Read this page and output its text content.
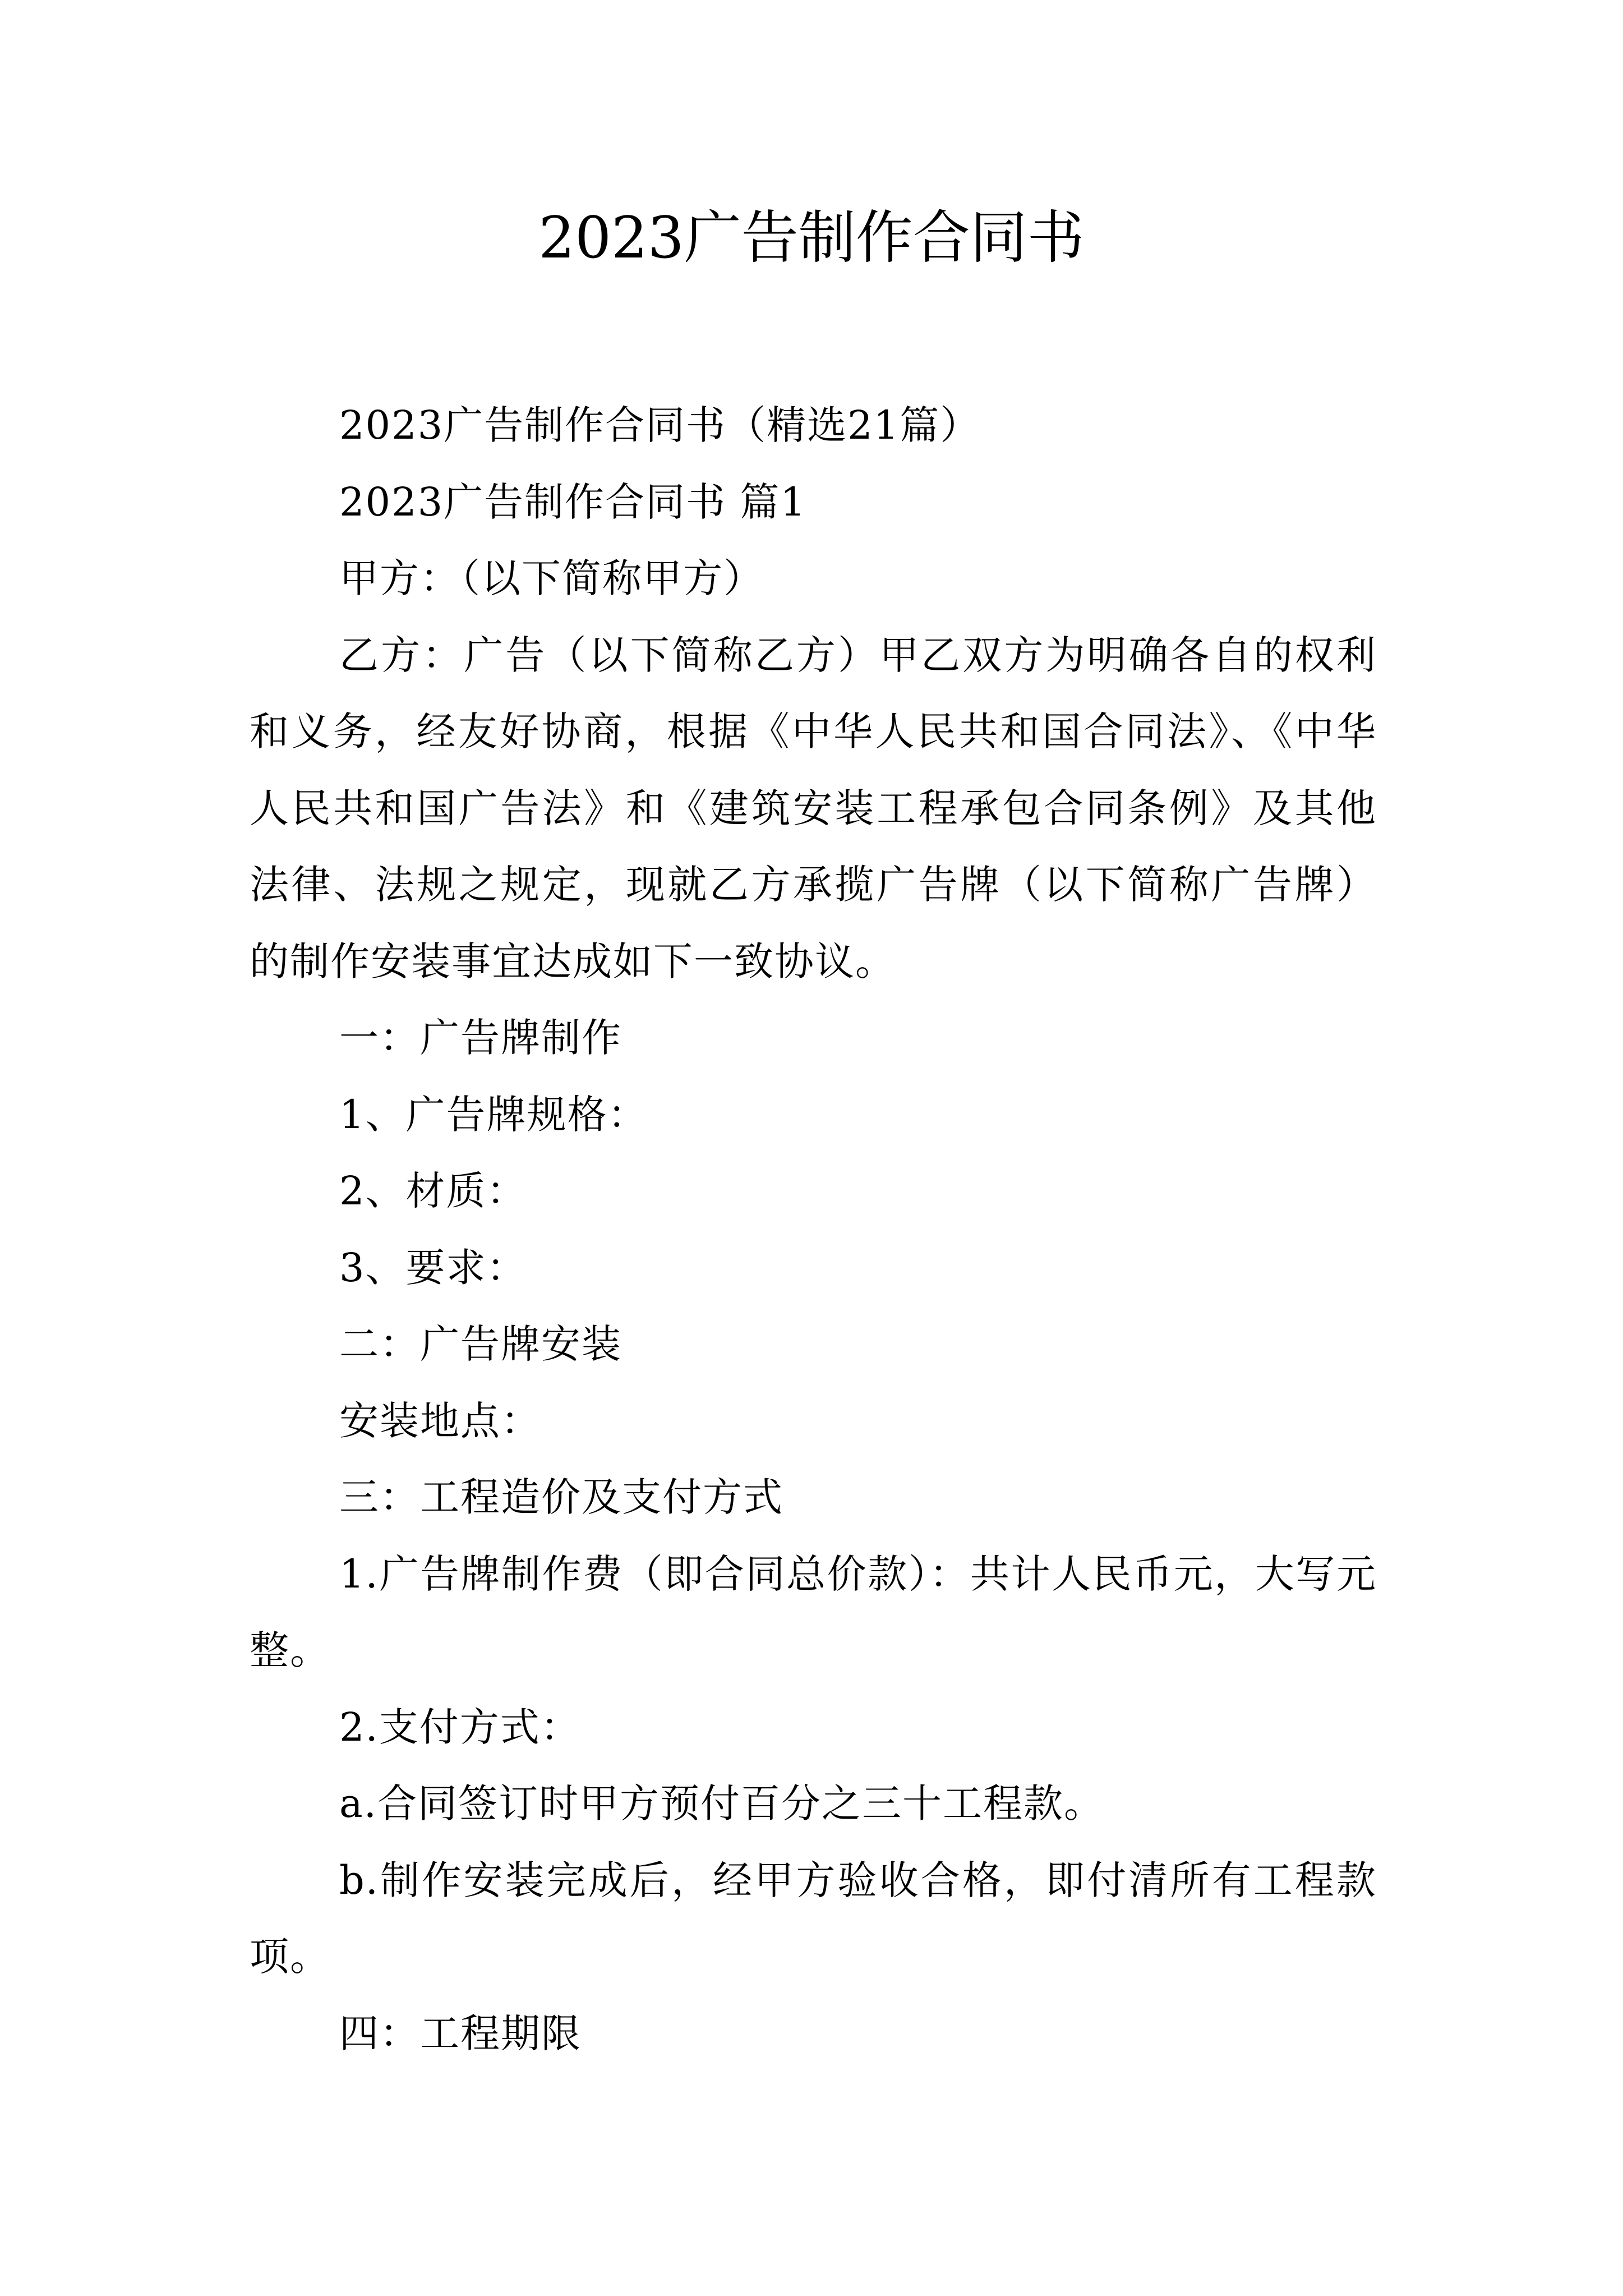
2023广告制作合同书

2023广告制作合同书（精选21篇）

2023广告制作合同书 篇1

甲方：（以下简称甲方）

乙方：广告（以下简称乙方）甲乙双方为明确各自的权利和义务，经友好协商，根据《中华人民共和国合同法》、《中华人民共和国广告法》和《建筑安装工程承包合同条例》及其他法律、法规之规定，现就乙方承揽广告牌（以下简称广告牌）的制作安装事宜达成如下一致协议。

一：广告牌制作

1、广告牌规格：

2、材质：

3、要求：

二：广告牌安装

安装地点：

三：工程造价及支付方式

1.广告牌制作费（即合同总价款）：共计人民币元，大写元整。

2.支付方式：

a.合同签订时甲方预付百分之三十工程款。

b.制作安装完成后，经甲方验收合格，即付清所有工程款项。

四：工程期限
